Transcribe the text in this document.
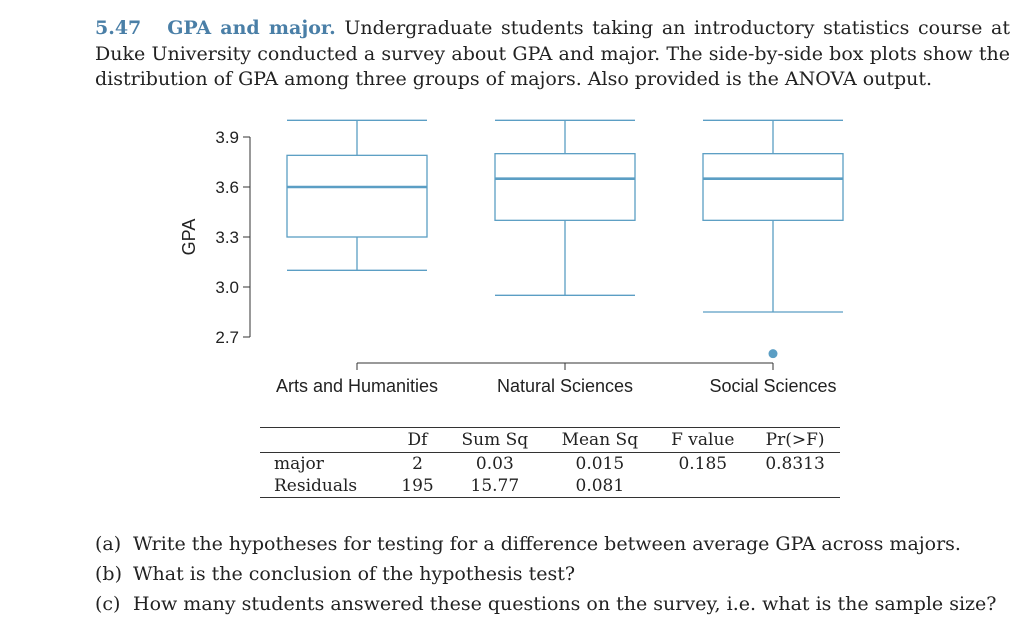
5.47 GPA and major. Undergraduate students taking an introductory statistics course at Duke University conducted a survey about GPA and major. The side-by-side box plots show the distribution of GPA among three groups of majors. Also provided is the ANOVA output.
2.7
3.0
3.3
3.6
3.9
GPA
Arts and Humanities	Natural Sciences	Social Sciences
	Df	Sum Sq	Mean Sq	F value	Pr(>F)
major	2	0.03	0.015	0.185	0.8313
Residuals	195	15.77	0.081		
(a) Write the hypotheses for testing for a difference between average GPA across majors.
(b) What is the conclusion of the hypothesis test?
(c) How many students answered these questions on the survey, i.e. what is the sample size?
